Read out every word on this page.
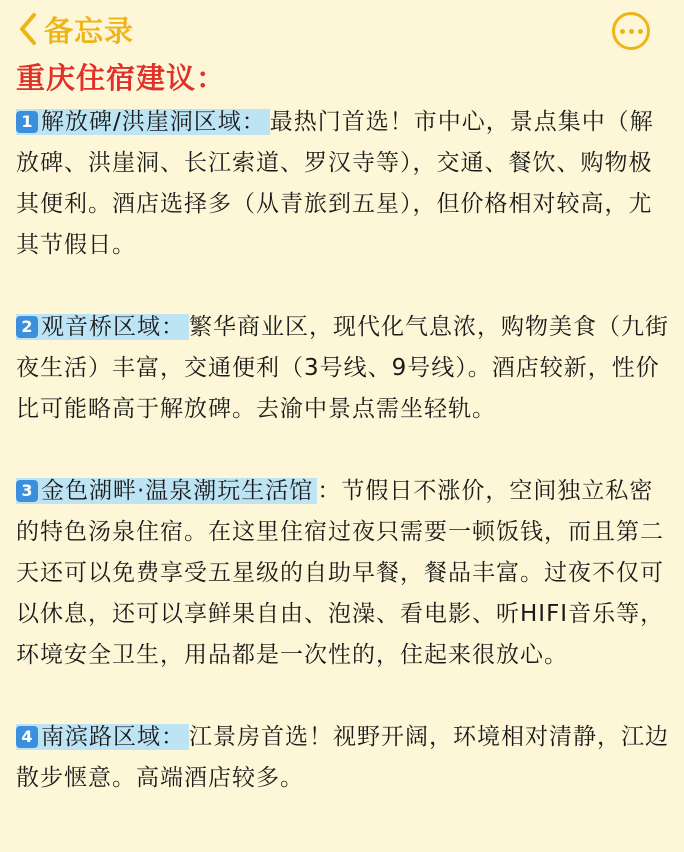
备忘录
重庆住宿建议：

1 解放碑/洪崖洞区域： 最热门首选！市中心，景点集中（解放碑、洪崖洞、长江索道、罗汉寺等），交通、餐饮、购物极其便利。酒店选择多（从青旅到五星），但价格相对较高，尤其节假日。

2 观音桥区域： 繁华商业区，现代化气息浓，购物美食（九街夜生活）丰富，交通便利（3号线、9号线）。酒店较新，性价比可能略高于解放碑。去渝中景点需坐轻轨。

3 金色湖畔·温泉潮玩生活馆 ：节假日不涨价，空间独立私密的特色汤泉住宿。在这里住宿过夜只需要一顿饭钱，而且第二天还可以免费享受五星级的自助早餐，餐品丰富。过夜不仅可以休息，还可以享鲜果自由、泡澡、看电影、听HIFI音乐等，环境安全卫生，用品都是一次性的，住起来很放心。

4 南滨路区域： 江景房首选！视野开阔，环境相对清静，江边散步惬意。高端酒店较多。
